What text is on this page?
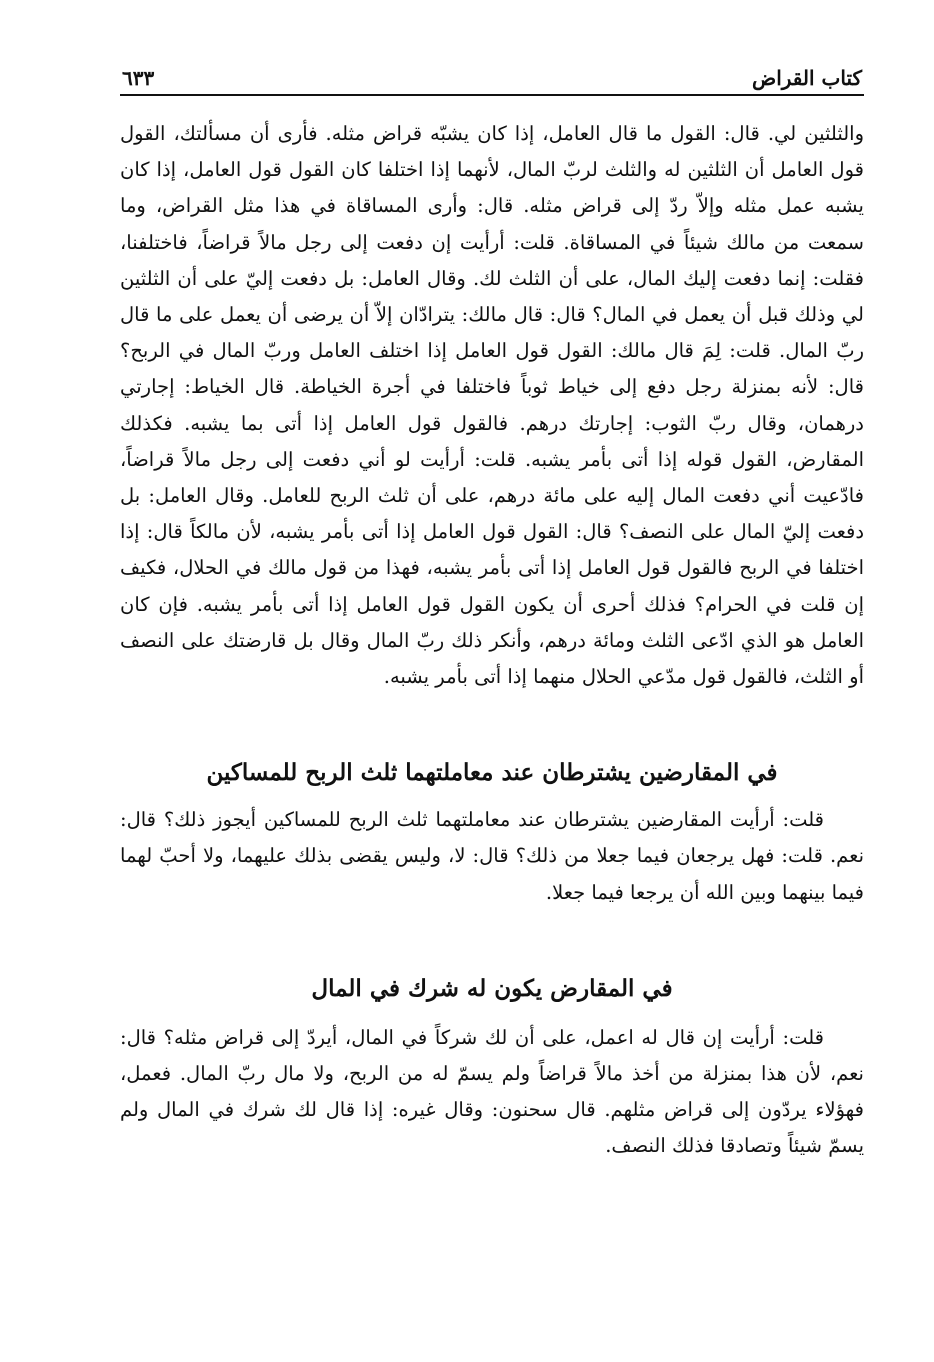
كتاب القراض
٦٣٣

والثلثين لي. قال: القول ما قال العامل، إذا كان يشبّه قراض مثله. فأرى أن مسألتك، القول قول العامل أن الثلثين له والثلث لربّ المال، لأنهما إذا اختلفا كان القول قول العامل، إذا كان يشبه عمل مثله وإلاّ ردّ إلى قراض مثله. قال: وأرى المساقاة في هذا مثل القراض، وما سمعت من مالك شيئاً في المساقاة. قلت: أرأيت إن دفعت إلى رجل مالاً قراضاً، فاختلفنا، فقلت: إنما دفعت إليك المال، على أن الثلث لك. وقال العامل: بل دفعت إليّ على أن الثلثين لي وذلك قبل أن يعمل في المال؟ قال: قال مالك: يترادّان إلاّ أن يرضى أن يعمل على ما قال ربّ المال. قلت: لِمَ قال مالك: القول قول العامل إذا اختلف العامل وربّ المال في الربح؟ قال: لأنه بمنزلة رجل دفع إلى خياط ثوباً فاختلفا في أجرة الخياطة. قال الخياط: إجارتي درهمان، وقال ربّ الثوب: إجارتك درهم. فالقول قول العامل إذا أتى بما يشبه. فكذلك المقارض، القول قوله إذا أتى بأمر يشبه. قلت: أرأيت لو أني دفعت إلى رجل مالاً قراضاً، فادّعيت أني دفعت المال إليه على مائة درهم، على أن ثلث الربح للعامل. وقال العامل: بل دفعت إليّ المال على النصف؟ قال: القول قول العامل إذا أتى بأمر يشبه، لأن مالكاً قال: إذا اختلفا في الربح فالقول قول العامل إذا أتى بأمر يشبه، فهذا من قول مالك في الحلال، فكيف إن قلت في الحرام؟ فذلك أحرى أن يكون القول قول العامل إذا أتى بأمر يشبه. فإن كان العامل هو الذي ادّعى الثلث ومائة درهم، وأنكر ذلك ربّ المال وقال بل قارضتك على النصف أو الثلث، فالقول قول مدّعي الحلال منهما إذا أتى بأمر يشبه.

في المقارضين يشترطان عند معاملتهما ثلث الربح للمساكين

قلت: أرأيت المقارضين يشترطان عند معاملتهما ثلث الربح للمساكين أيجوز ذلك؟ قال: نعم. قلت: فهل يرجعان فيما جعلا من ذلك؟ قال: لا، وليس يقضى بذلك عليهما، ولا أحبّ لهما فيما بينهما وبين الله أن يرجعا فيما جعلا.

في المقارض يكون له شرك في المال

قلت: أرأيت إن قال له اعمل، على أن لك شركاً في المال، أيردّ إلى قراض مثله؟ قال: نعم، لأن هذا بمنزلة من أخذ مالاً قراضاً ولم يسمّ له من الربح، ولا مال ربّ المال. فعمل، فهؤلاء يردّون إلى قراض مثلهم. قال سحنون: وقال غيره: إذا قال لك شرك في المال ولم يسمّ شيئاً وتصادقا فذلك النصف.
